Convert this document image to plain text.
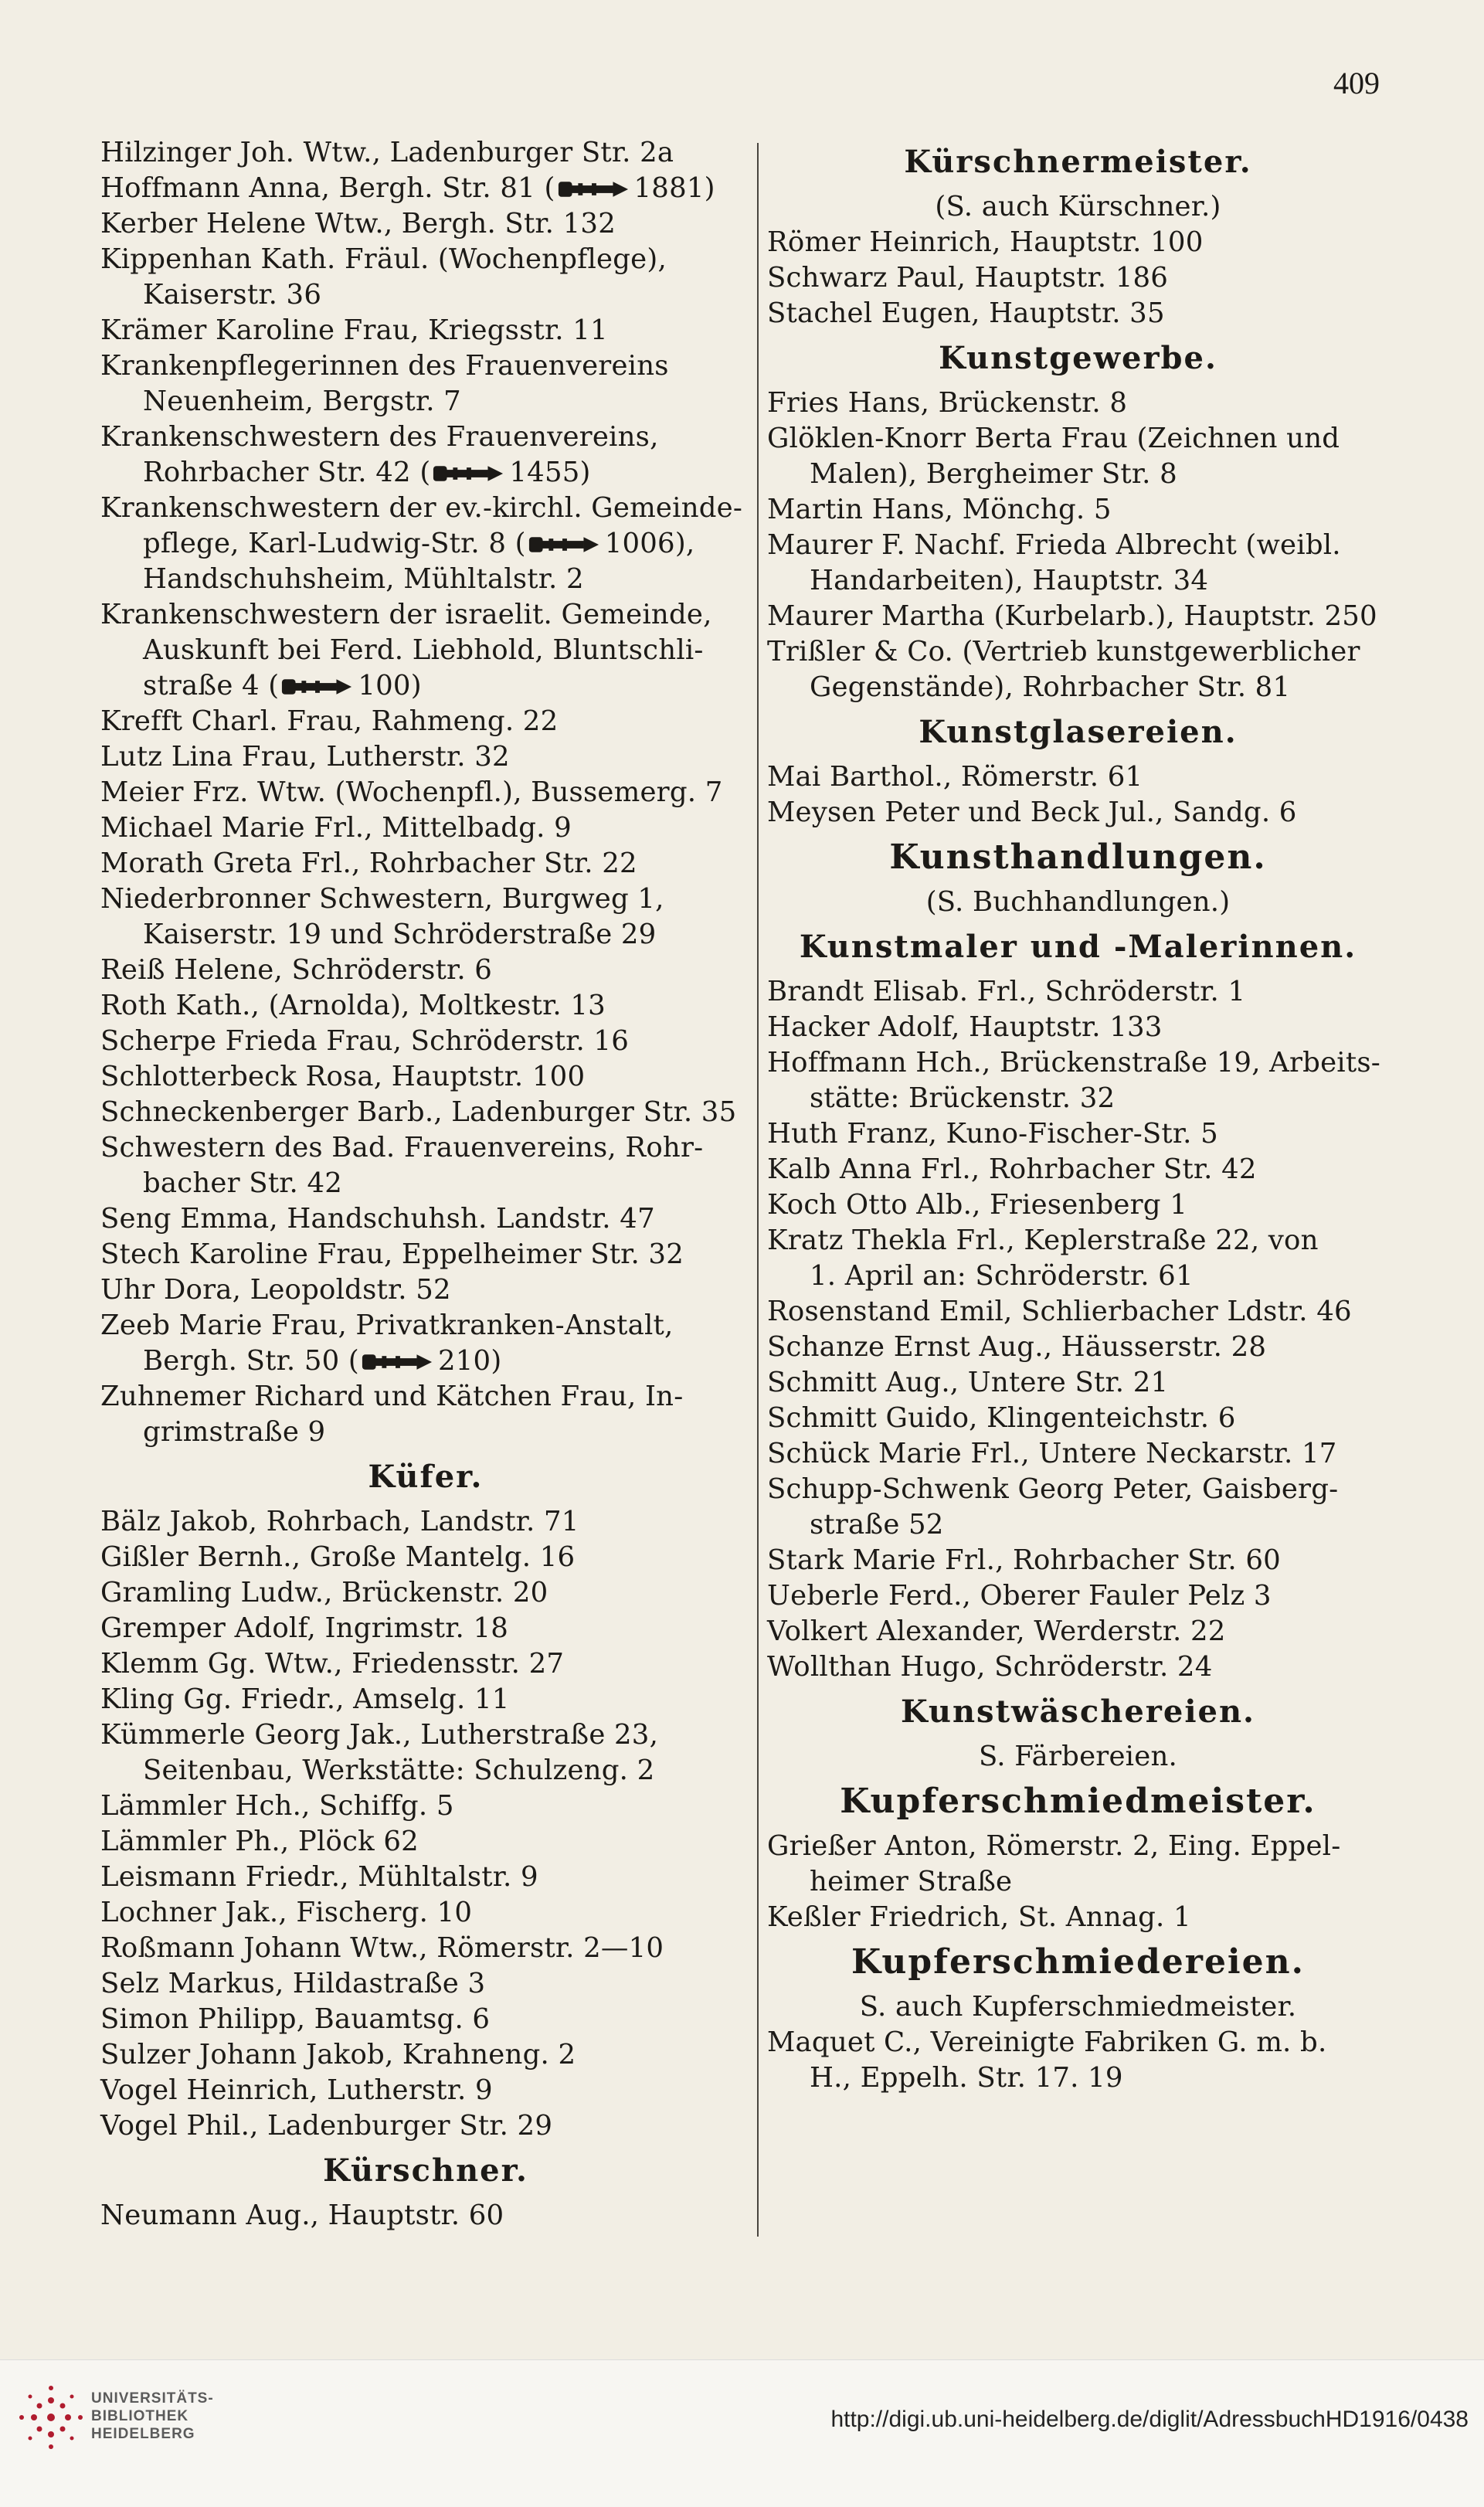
409
Hilzinger Joh. Wtw., Ladenburger Str. 2a
Hoffmann Anna, Bergh. Str. 81 (	1881)
Kerber Helene Wtw., Bergh. Str. 132
Kippenhan Kath. Fräul. (Wochenpflege),
Kaiserstr. 36
Krämer Karoline Frau, Kriegsstr. 11
Krankenpflegerinnen des Frauenvereins
Neuenheim, Bergstr. 7
Krankenschwestern des Frauenvereins,
Rohrbacher Str. 42 (	1455)
Krankenschwestern der ev.-kirchl. Gemeinde-
pflege, Karl-Ludwig-Str. 8 (	1006),
Handschuhsheim, Mühltalstr. 2
Krankenschwestern der israelit. Gemeinde,
Auskunft bei Ferd. Liebhold, Bluntschli-
straße 4 (	100)
Krefft Charl. Frau, Rahmeng. 22
Lutz Lina Frau, Lutherstr. 32
Meier Frz. Wtw. (Wochenpfl.), Bussemerg. 7
Michael Marie Frl., Mittelbadg. 9
Morath Greta Frl., Rohrbacher Str. 22
Niederbronner Schwestern, Burgweg 1,
Kaiserstr. 19 und Schröderstraße 29
Reiß Helene, Schröderstr. 6
Roth Kath., (Arnolda), Moltkestr. 13
Scherpe Frieda Frau, Schröderstr. 16
Schlotterbeck Rosa, Hauptstr. 100
Schneckenberger Barb., Ladenburger Str. 35
Schwestern des Bad. Frauenvereins, Rohr-
bacher Str. 42
Seng Emma, Handschuhsh. Landstr. 47
Stech Karoline Frau, Eppelheimer Str. 32
Uhr Dora, Leopoldstr. 52
Zeeb Marie Frau, Privatkranken-Anstalt,
Bergh. Str. 50 (	210)
Zuhnemer Richard und Kätchen Frau, In-
grimstraße 9
Küfer.
Bälz Jakob, Rohrbach, Landstr. 71
Gißler Bernh., Große Mantelg. 16
Gramling Ludw., Brückenstr. 20
Gremper Adolf, Ingrimstr. 18
Klemm Gg. Wtw., Friedensstr. 27
Kling Gg. Friedr., Amselg. 11
Kümmerle Georg Jak., Lutherstraße 23,
Seitenbau, Werkstätte: Schulzeng. 2
Lämmler Hch., Schiffg. 5
Lämmler Ph., Plöck 62
Leismann Friedr., Mühltalstr. 9
Lochner Jak., Fischerg. 10
Roßmann Johann Wtw., Römerstr. 2—10
Selz Markus, Hildastraße 3
Simon Philipp, Bauamtsg. 6
Sulzer Johann Jakob, Krahneng. 2
Vogel Heinrich, Lutherstr. 9
Vogel Phil., Ladenburger Str. 29
Kürschner.
Neumann Aug., Hauptstr. 60
Kürschnermeister.
(S. auch Kürschner.)
Römer Heinrich, Hauptstr. 100
Schwarz Paul, Hauptstr. 186
Stachel Eugen, Hauptstr. 35
Kunstgewerbe.
Fries Hans, Brückenstr. 8
Glöklen-Knorr Berta Frau (Zeichnen und
Malen), Bergheimer Str. 8
Martin Hans, Mönchg. 5
Maurer F. Nachf. Frieda Albrecht (weibl.
Handarbeiten), Hauptstr. 34
Maurer Martha (Kurbelarb.), Hauptstr. 250
Trißler & Co. (Vertrieb kunstgewerblicher
Gegenstände), Rohrbacher Str. 81
Kunstglasereien.
Mai Barthol., Römerstr. 61
Meysen Peter und Beck Jul., Sandg. 6
Kunsthandlungen.
(S. Buchhandlungen.)
Kunstmaler und -Malerinnen.
Brandt Elisab. Frl., Schröderstr. 1
Hacker Adolf, Hauptstr. 133
Hoffmann Hch., Brückenstraße 19, Arbeits-
stätte: Brückenstr. 32
Huth Franz, Kuno-Fischer-Str. 5
Kalb Anna Frl., Rohrbacher Str. 42
Koch Otto Alb., Friesenberg 1
Kratz Thekla Frl., Keplerstraße 22, von
1. April an: Schröderstr. 61
Rosenstand Emil, Schlierbacher Ldstr. 46
Schanze Ernst Aug., Häusserstr. 28
Schmitt Aug., Untere Str. 21
Schmitt Guido, Klingenteichstr. 6
Schück Marie Frl., Untere Neckarstr. 17
Schupp-Schwenk Georg Peter, Gaisberg-
straße 52
Stark Marie Frl., Rohrbacher Str. 60
Ueberle Ferd., Oberer Fauler Pelz 3
Volkert Alexander, Werderstr. 22
Wollthan Hugo, Schröderstr. 24
Kunstwäschereien.
S. Färbereien.
Kupferschmiedmeister.
Grießer Anton, Römerstr. 2, Eing. Eppel-
heimer Straße
Keßler Friedrich, St. Annag. 1
Kupferschmiedereien.
S. auch Kupferschmiedmeister.
Maquet C., Vereinigte Fabriken G. m. b.
H., Eppelh. Str. 17. 19
UNIVERSITÄTS-
BIBLIOTHEK
HEIDELBERG
http://digi.ub.uni-heidelberg.de/diglit/AdressbuchHD1916/0438
